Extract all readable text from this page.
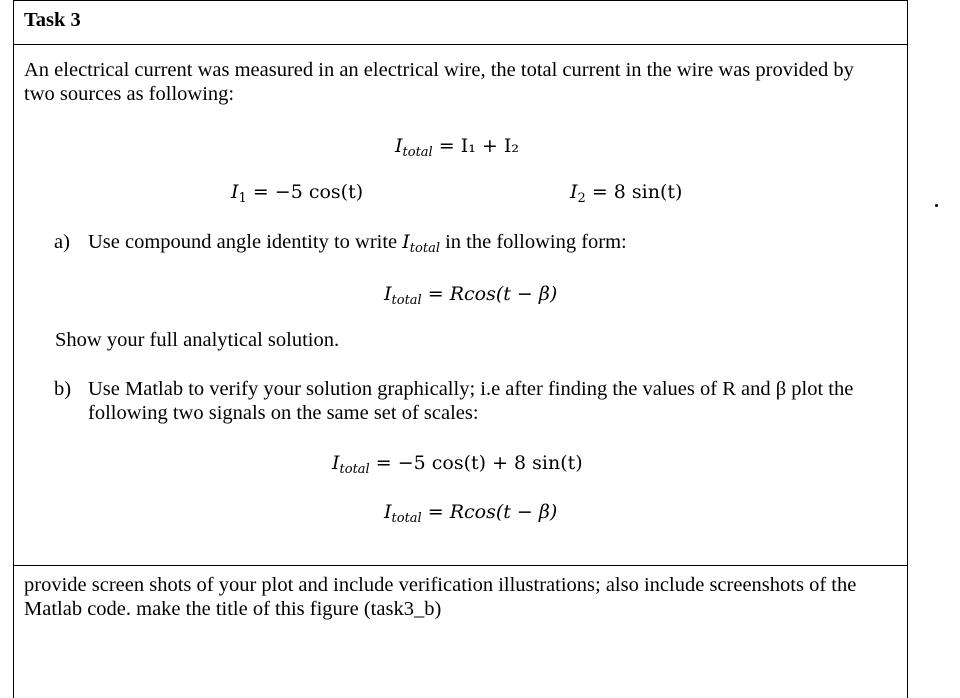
Task 3
An electrical current was measured in an electrical wire, the total current in the wire was provided by
two sources as following:
$I_{total} = I_1 + I_2$
$I_1 = -5$ cos(t)	$I_2 = 8$ sin(t)
a) Use compound angle identity to write $I_{total}$ in the following form:
$I_{total} = Rcos(t - \beta)$
Show your full analytical solution.
b) Use Matlab to verify your solution graphically; i.e after finding the values of R and β plot the
following two signals on the same set of scales:
$I_{total} = -5$ cos(t) + 8 sin(t)
$I_{total} = Rcos(t - \beta)$
provide screen shots of your plot and include verification illustrations; also include screenshots of the
Matlab code. make the title of this figure (task3_b)
